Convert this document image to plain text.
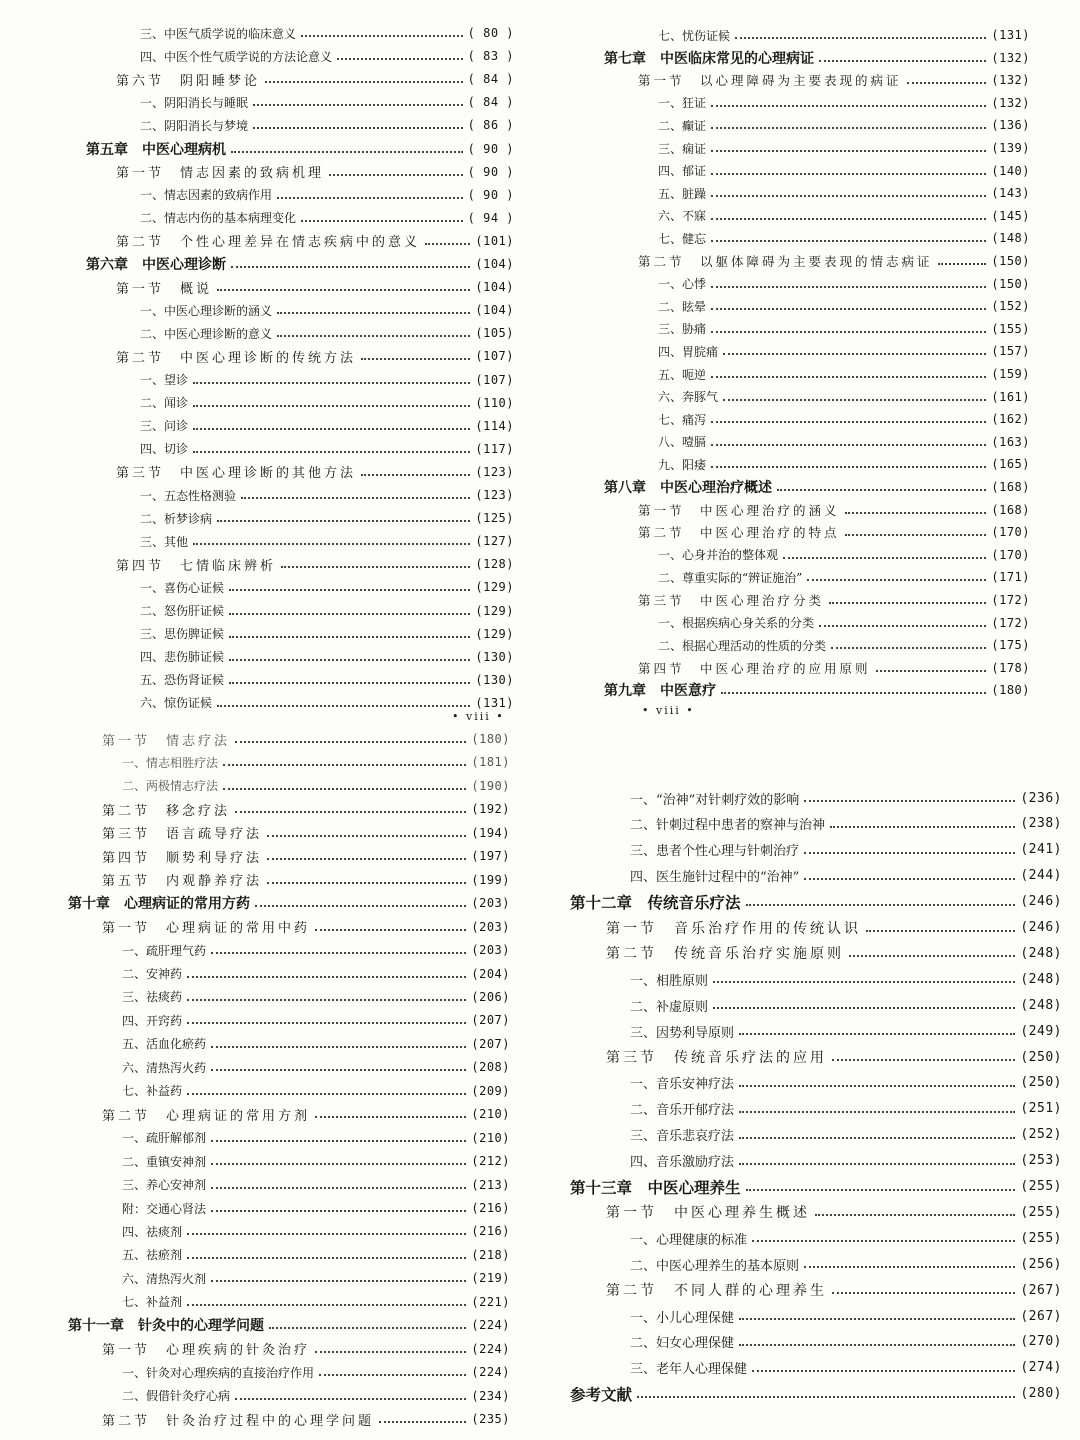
三、中医气质学说的临床意义	( 80 )
四、中医个性气质学说的方法论意义	( 83 )
第六节　阴阳睡梦论	( 84 )
一、阴阳消长与睡眠	( 84 )
二、阴阳消长与梦境	( 86 )
第五章　中医心理病机	( 90 )
第一节　情志因素的致病机理	( 90 )
一、情志因素的致病作用	( 90 )
二、情志内伤的基本病理变化	( 94 )
第二节　个性心理差异在情志疾病中的意义	(101)
第六章　中医心理诊断	(104)
第一节　概说	(104)
一、中医心理诊断的涵义	(104)
二、中医心理诊断的意义	(105)
第二节　中医心理诊断的传统方法	(107)
一、望诊	(107)
二、闻诊	(110)
三、问诊	(114)
四、切诊	(117)
第三节　中医心理诊断的其他方法	(123)
一、五态性格测验	(123)
二、析梦诊病	(125)
三、其他	(127)
第四节　七情临床辨析	(128)
一、喜伤心证候	(129)
二、怒伤肝证候	(129)
三、思伤脾证候	(129)
四、悲伤肺证候	(130)
五、恐伤肾证候	(130)
六、惊伤证候	(131)
• viii •
七、忧伤证候	(131)
第七章　中医临床常见的心理病证	(132)
第一节　以心理障碍为主要表现的病证	(132)
一、狂证	(132)
二、癫证	(136)
三、痫证	(139)
四、郁证	(140)
五、脏躁	(143)
六、不寐	(145)
七、健忘	(148)
第二节　以躯体障碍为主要表现的情志病证	(150)
一、心悸	(150)
二、眩晕	(152)
三、胁痛	(155)
四、胃脘痛	(157)
五、呃逆	(159)
六、奔豚气	(161)
七、痛泻	(162)
八、噎膈	(163)
九、阳痿	(165)
第八章　中医心理治疗概述	(168)
第一节　中医心理治疗的涵义	(168)
第二节　中医心理治疗的特点	(170)
一、心身并治的整体观	(170)
二、尊重实际的“辨证施治”	(171)
第三节　中医心理治疗分类	(172)
一、根据疾病心身关系的分类	(172)
二、根据心理活动的性质的分类	(175)
第四节　中医心理治疗的应用原则	(178)
第九章　中医意疗	(180)
• viii •
第一节　情志疗法	(180)
一、情志相胜疗法	(181)
二、两极情志疗法	(190)
第二节　移念疗法	(192)
第三节　语言疏导疗法	(194)
第四节　顺势利导疗法	(197)
第五节　内观静养疗法	(199)
第十章　心理病证的常用方药	(203)
第一节　心理病证的常用中药	(203)
一、疏肝理气药	(203)
二、安神药	(204)
三、祛痰药	(206)
四、开窍药	(207)
五、活血化瘀药	(207)
六、清热泻火药	(208)
七、补益药	(209)
第二节　心理病证的常用方剂	(210)
一、疏肝解郁剂	(210)
二、重镇安神剂	(212)
三、养心安神剂	(213)
附：交通心肾法	(216)
四、祛痰剂	(216)
五、祛瘀剂	(218)
六、清热泻火剂	(219)
七、补益剂	(221)
第十一章　针灸中的心理学问题	(224)
第一节　心理疾病的针灸治疗	(224)
一、针灸对心理疾病的直接治疗作用	(224)
二、假借针灸疗心病	(234)
第二节　针灸治疗过程中的心理学问题	(235)
一、“治神”对针刺疗效的影响	(236)
二、针刺过程中患者的察神与治神	(238)
三、患者个性心理与针刺治疗	(241)
四、医生施针过程中的“治神”	(244)
第十二章　传统音乐疗法	(246)
第一节　音乐治疗作用的传统认识	(246)
第二节　传统音乐治疗实施原则	(248)
一、相胜原则	(248)
二、补虚原则	(248)
三、因势利导原则	(249)
第三节　传统音乐疗法的应用	(250)
一、音乐安神疗法	(250)
二、音乐开郁疗法	(251)
三、音乐悲哀疗法	(252)
四、音乐激励疗法	(253)
第十三章　中医心理养生	(255)
第一节　中医心理养生概述	(255)
一、心理健康的标准	(255)
二、中医心理养生的基本原则	(256)
第二节　不同人群的心理养生	(267)
一、小儿心理保健	(267)
二、妇女心理保健	(270)
三、老年人心理保健	(274)
参考文献	(280)
